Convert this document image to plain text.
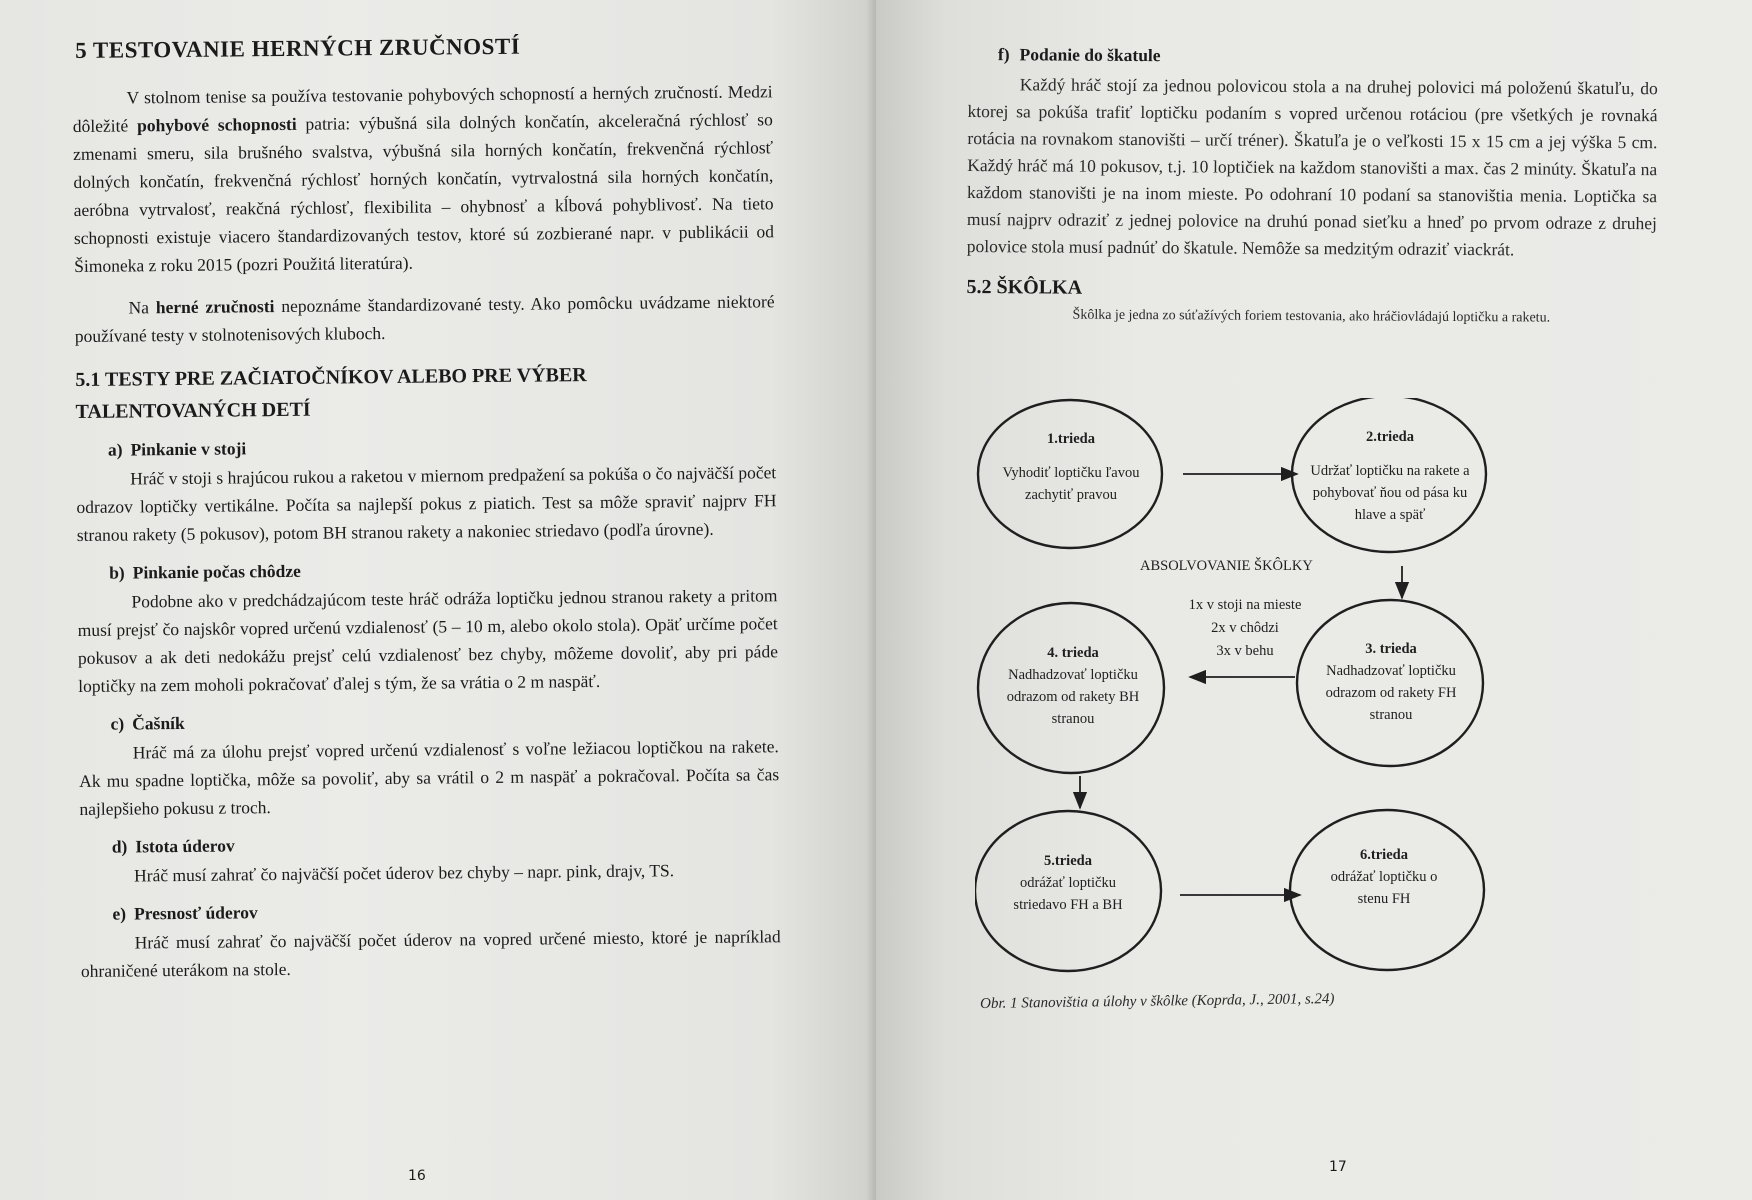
5 TESTOVANIE HERNÝCH ZRUČNOSTÍ

V stolnom tenise sa používa testovanie pohybových schopností a herných zručností. Medzi dôležité pohybové schopnosti patria: výbušná sila dolných končatín, akceleračná rýchlosť so zmenami smeru, sila brušného svalstva, výbušná sila horných končatín, frekvenčná rýchlosť dolných končatín, frekvenčná rýchlosť horných končatín, vytrvalostná sila horných končatín, aeróbna vytrvalosť, reakčná rýchlosť, flexibilita – ohybnosť a kĺbová pohyblivosť. Na tieto schopnosti existuje viacero štandardizovaných testov, ktoré sú zozbierané napr. v publikácii od Šimoneka z roku 2015 (pozri Použitá literatúra).

Na herné zručnosti nepoznáme štandardizované testy. Ako pomôcku uvádzame niektoré používané testy v stolnotenisových kluboch.

5.1 TESTY PRE ZAČIATOČNÍKOV ALEBO PRE VÝBER
TALENTOVANÝCH DETÍ
a) Pinkanie v stoji

Hráč v stoji s hrajúcou rukou a raketou v miernom predpažení sa pokúša o čo najväčší počet odrazov loptičky vertikálne. Počíta sa najlepší pokus z piatich. Test sa môže spraviť najprv FH stranou rakety (5 pokusov), potom BH stranou rakety a nakoniec striedavo (podľa úrovne).

b) Pinkanie počas chôdze

Podobne ako v predchádzajúcom teste hráč odráža loptičku jednou stranou rakety a pritom musí prejsť čo najskôr vopred určenú vzdialenosť (5 – 10 m, alebo okolo stola). Opäť určíme počet pokusov a ak deti nedokážu prejsť celú vzdialenosť bez chyby, môžeme dovoliť, aby pri páde loptičky na zem moholi pokračovať ďalej s tým, že sa vrátia o 2 m naspäť.

c) Čašník

Hráč má za úlohu prejsť vopred určenú vzdialenosť s voľne ležiacou loptičkou na rakete. Ak mu spadne loptička, môže sa povoliť, aby sa vrátil o 2 m naspäť a pokračoval. Počíta sa čas najlepšieho pokusu z troch.

d) Istota úderov

Hráč musí zahrať čo najväčší počet úderov bez chyby – napr. pink, drajv, TS.

e) Presnosť úderov

Hráč musí zahrať čo najväčší počet úderov na vopred určené miesto, ktoré je napríklad ohraničené uterákom na stole.

16
f) Podanie do škatule

Každý hráč stojí za jednou polovicou stola a na druhej polovici má položenú škatuľu, do ktorej sa pokúša trafiť loptičku podaním s vopred určenou rotáciou (pre všetkých je rovnaká rotácia na rovnakom stanovišti – určí tréner). Škatuľa je o veľkosti 15 x 15 cm a jej výška 5 cm. Každý hráč má 10 pokusov, t.j. 10 loptičiek na každom stanovišti a max. čas 2 minúty. Škatuľa na každom stanovišti je na inom mieste. Po odohraní 10 podaní sa stanovištia menia. Loptička sa musí najprv odraziť z jednej polovice na druhú ponad sieťku a hneď po prvom odraze z druhej polovice stola musí padnúť do škatule. Nemôže sa medzitým odraziť viackrát.

5.2 ŠKÔLKA
Škôlka je jedna zo súťažívých foriem testovania, ako hráčiovládajú loptičku a raketu.
17
1.trieda
Vyhodiť loptičku ľavou zachytiť pravou
2.trieda
Udržať loptičku na rakete a pohybovať ňou od pása ku hlave a späť
3. trieda
Nadhadzovať loptičku odrazom od rakety FH stranou
4. trieda
Nadhadzovať loptičku odrazom od rakety BH stranou
5.trieda
odrážať loptičku striedavo FH a BH
6.trieda
odrážať loptičku o stenu FH
ABSOLVOVANIE ŠKÔLKY
1x v stoji na mieste
2x v chôdzi
3x v behu
Obr. 1 Stanovištia a úlohy v škôlke (Koprda, J., 2001, s.24)
